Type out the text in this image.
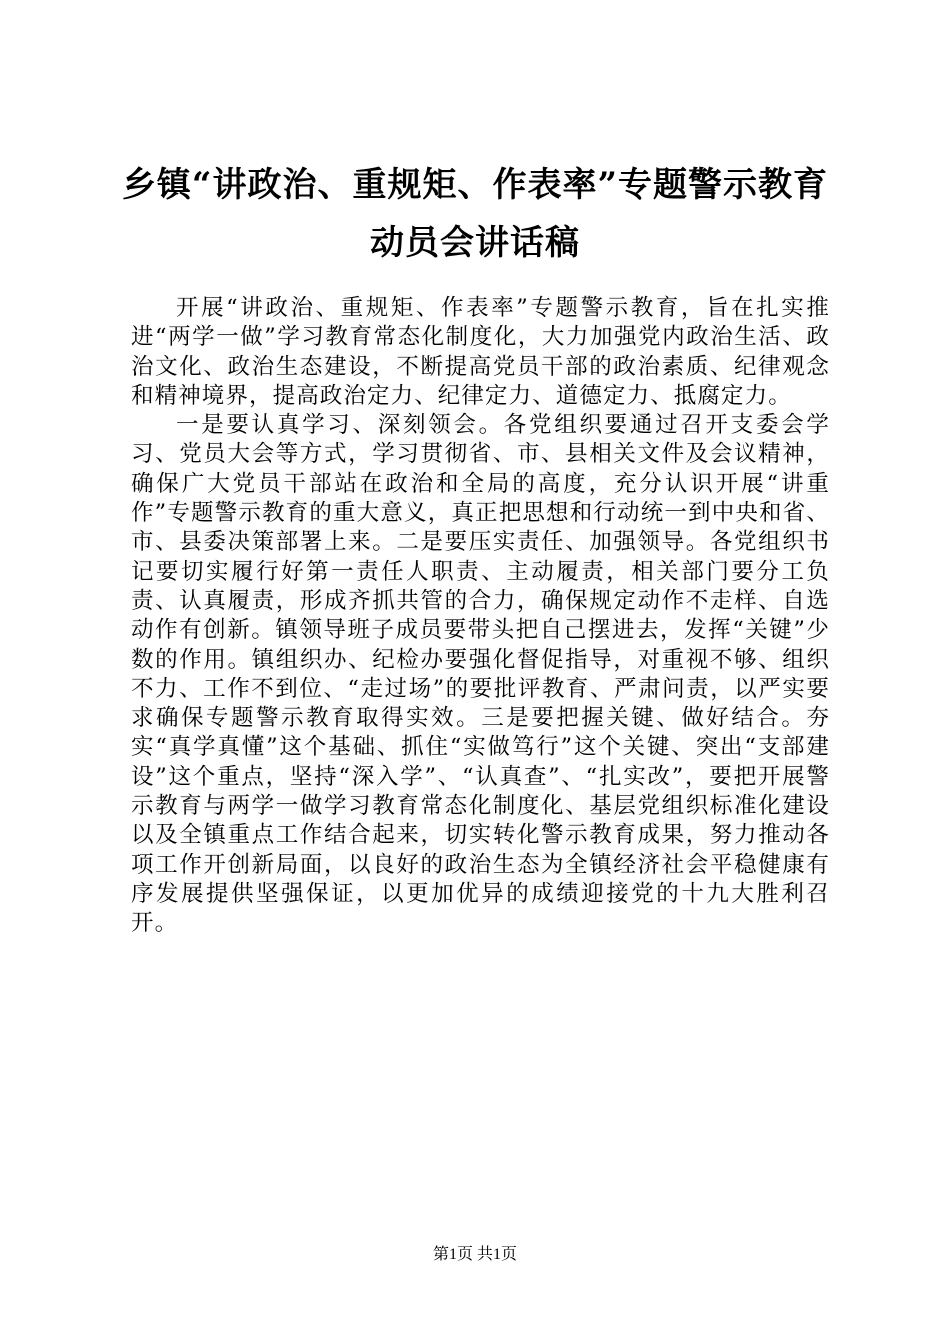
乡镇“讲政治、重规矩、作表率”专题警示教育动员会讲话稿

开展“讲政治、重规矩、作表率”专题警示教育，旨在扎实推进“两学一做”学习教育常态化制度化，大力加强党内政治生活、政治文化、政治生态建设，不断提高党员干部的政治素质、纪律观念和精神境界，提高政治定力、纪律定力、道德定力、抵腐定力。

一是要认真学习、深刻领会。各党组织要通过召开支委会学习、党员大会等方式，学习贯彻省、市、县相关文件及会议精神，确保广大党员干部站在政治和全局的高度，充分认识开展“讲重作”专题警示教育的重大意义，真正把思想和行动统一到中央和省、市、县委决策部署上来。二是要压实责任、加强领导。各党组织书记要切实履行好第一责任人职责、主动履责，相关部门要分工负责、认真履责，形成齐抓共管的合力，确保规定动作不走样、自选动作有创新。镇领导班子成员要带头把自己摆进去，发挥“关键”少数的作用。镇组织办、纪检办要强化督促指导，对重视不够、组织不力、工作不到位、“走过场”的要批评教育、严肃问责，以严实要求确保专题警示教育取得实效。三是要把握关键、做好结合。夯实“真学真懂”这个基础、抓住“实做笃行”这个关键、突出“支部建设”这个重点，坚持“深入学”、“认真查”、“扎实改”，要把开展警示教育与两学一做学习教育常态化制度化、基层党组织标准化建设以及全镇重点工作结合起来，切实转化警示教育成果，努力推动各项工作开创新局面，以良好的政治生态为全镇经济社会平稳健康有序发展提供坚强保证，以更加优异的成绩迎接党的十九大胜利召开。

第1页 共1页
